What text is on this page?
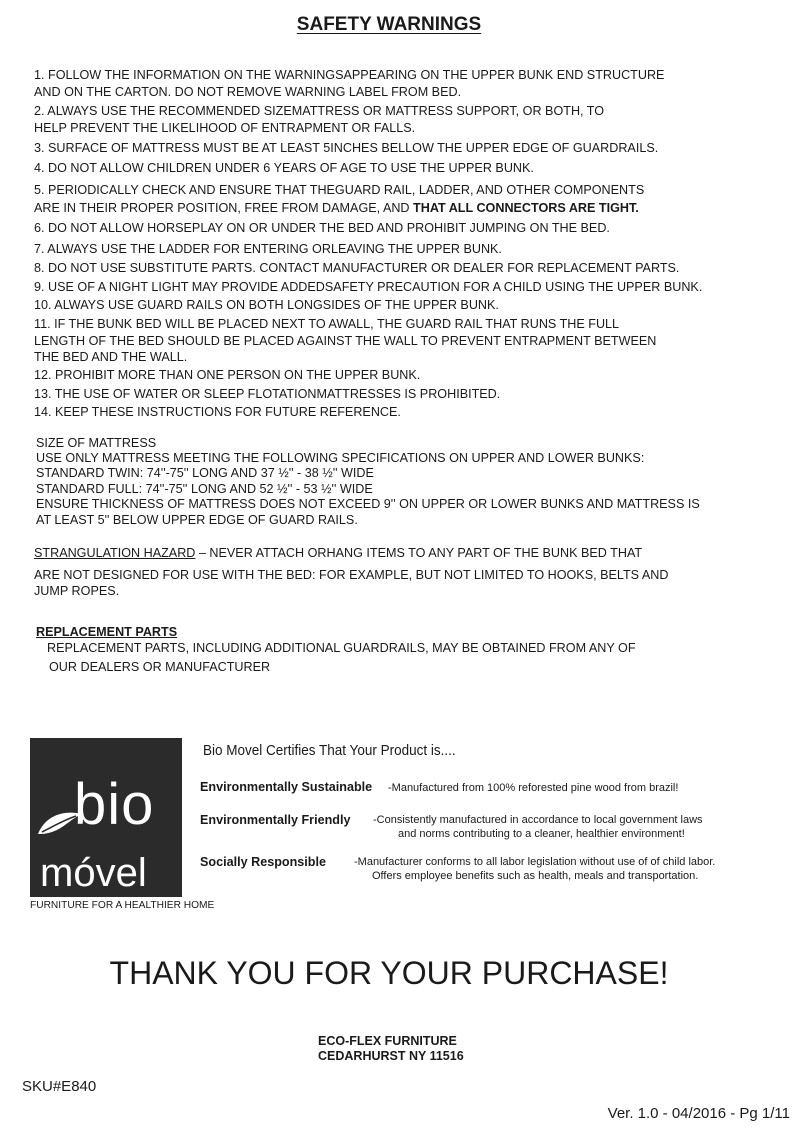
SAFETY WARNINGS
1. FOLLOW THE INFORMATION ON THE WARNINGSAPPEARING ON THE UPPER BUNK END STRUCTURE
AND ON THE CARTON. DO NOT REMOVE WARNING LABEL FROM BED.
2. ALWAYS USE THE RECOMMENDED SIZEMATTRESS OR MATTRESS SUPPORT, OR BOTH, TO
HELP PREVENT THE LIKELIHOOD OF ENTRAPMENT OR FALLS.
3. SURFACE OF MATTRESS MUST BE AT LEAST 5INCHES BELLOW THE UPPER EDGE OF GUARDRAILS.
4. DO NOT ALLOW CHILDREN UNDER 6 YEARS OF AGE TO USE THE UPPER BUNK.
5. PERIODICALLY CHECK AND ENSURE THAT THEGUARD RAIL, LADDER, AND OTHER COMPONENTS
ARE IN THEIR PROPER POSITION, FREE FROM DAMAGE, AND THAT ALL CONNECTORS ARE TIGHT.
6. DO NOT ALLOW HORSEPLAY ON OR UNDER THE BED AND PROHIBIT JUMPING ON THE BED.
7. ALWAYS USE THE LADDER FOR ENTERING ORLEAVING THE UPPER BUNK.
8. DO NOT USE SUBSTITUTE PARTS. CONTACT MANUFACTURER OR DEALER FOR REPLACEMENT PARTS.
9. USE OF A NIGHT LIGHT MAY PROVIDE ADDEDSAFETY PRECAUTION FOR A CHILD USING THE UPPER BUNK.
10. ALWAYS USE GUARD RAILS ON BOTH LONGSIDES OF THE UPPER BUNK.
11. IF THE BUNK BED WILL BE PLACED NEXT TO AWALL, THE GUARD RAIL THAT RUNS THE FULL
LENGTH OF THE BED SHOULD BE PLACED AGAINST THE WALL TO PREVENT ENTRAPMENT BETWEEN
THE BED AND THE WALL.
12. PROHIBIT MORE THAN ONE PERSON ON THE UPPER BUNK.
13. THE USE OF WATER OR SLEEP FLOTATIONMATTRESSES IS PROHIBITED.
14. KEEP THESE INSTRUCTIONS FOR FUTURE REFERENCE.
SIZE OF MATTRESS
USE ONLY MATTRESS MEETING THE FOLLOWING SPECIFICATIONS ON UPPER AND LOWER BUNKS:
STANDARD TWIN: 74''-75'' LONG AND 37 ½'' - 38 ½'' WIDE
STANDARD FULL: 74''-75'' LONG AND 52 ½'' - 53 ½'' WIDE
ENSURE THICKNESS OF MATTRESS DOES NOT EXCEED 9'' ON UPPER OR LOWER BUNKS AND MATTRESS IS
AT LEAST 5'' BELOW UPPER EDGE OF GUARD RAILS.
STRANGULATION HAZARD – NEVER ATTACH ORHANG ITEMS TO ANY PART OF THE BUNK BED THAT
ARE NOT DESIGNED FOR USE WITH THE BED: FOR EXAMPLE, BUT NOT LIMITED TO HOOKS, BELTS AND
JUMP ROPES.
REPLACEMENT PARTS
REPLACEMENT PARTS, INCLUDING ADDITIONAL GUARDRAILS, MAY BE OBTAINED FROM ANY OF
OUR DEALERS OR MANUFACTURER
bio
móvel
FURNITURE FOR A HEALTHIER HOME
Bio Movel Certifies That Your Product is....
Environmentally Sustainable -Manufactured from 100% reforested pine wood from brazil!
Environmentally Friendly -Consistently manufactured in accordance to local government laws
and norms contributing to a cleaner, healthier environment!
Socially Responsible	-Manufacturer conforms to all labor legislation without use of of child labor.
Offers employee benefits such as health, meals and transportation.
THANK YOU FOR YOUR PURCHASE!
ECO-FLEX FURNITURE
CEDARHURST NY 11516
SKU#E840
Ver. 1.0 - 04/2016 - Pg 1/11
